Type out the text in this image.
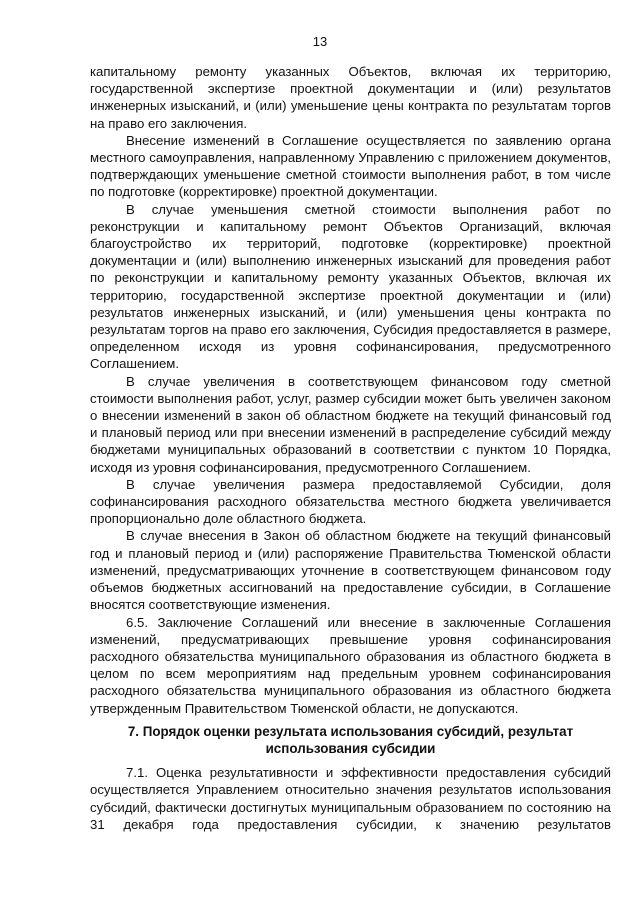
13

капитальному ремонту указанных Объектов, включая их территорию, государственной экспертизе проектной документации и (или) результатов инженерных изысканий, и (или) уменьшение цены контракта по результатам торгов на право его заключения.

Внесение изменений в Соглашение осуществляется по заявлению органа местного самоуправления, направленному Управлению с приложением документов, подтверждающих уменьшение сметной стоимости выполнения работ, в том числе по подготовке (корректировке) проектной документации.

В случае уменьшения сметной стоимости выполнения работ по реконструкции и капитальному ремонт Объектов Организаций, включая благоустройство их территорий, подготовке (корректировке) проектной документации и (или) выполнению инженерных изысканий для проведения работ по реконструкции и капитальному ремонту указанных Объектов, включая их территорию, государственной экспертизе проектной документации и (или) результатов инженерных изысканий, и (или) уменьшения цены контракта по результатам торгов на право его заключения, Субсидия предоставляется в размере, определенном исходя из уровня софинансирования, предусмотренного Соглашением.

В случае увеличения в соответствующем финансовом году сметной стоимости выполнения работ, услуг, размер субсидии может быть увеличен законом о внесении изменений в закон об областном бюджете на текущий финансовый год и плановый период или при внесении изменений в распределение субсидий между бюджетами муниципальных образований в соответствии с пунктом 10 Порядка, исходя из уровня софинансирования, предусмотренного Соглашением.

В случае увеличения размера предоставляемой Субсидии, доля софинансирования расходного обязательства местного бюджета увеличивается пропорционально доле областного бюджета.

В случае внесения в Закон об областном бюджете на текущий финансовый год и плановый период и (или) распоряжение Правительства Тюменской области изменений, предусматривающих уточнение в соответствующем финансовом году объемов бюджетных ассигнований на предоставление субсидии, в Соглашение вносятся соответствующие изменения.

6.5. Заключение Соглашений или внесение в заключенные Соглашения изменений, предусматривающих превышение уровня софинансирования расходного обязательства муниципального образования из областного бюджета в целом по всем мероприятиям над предельным уровнем софинансирования расходного обязательства муниципального образования из областного бюджета утвержденным Правительством Тюменской области, не допускаются.

7. Порядок оценки результата использования субсидий, результат использования субсидии

7.1. Оценка результативности и эффективности предоставления субсидий осуществляется Управлением относительно значения результатов использования субсидий, фактически достигнутых муниципальным образованием по состоянию на 31 декабря года предоставления субсидии, к значению результатов
